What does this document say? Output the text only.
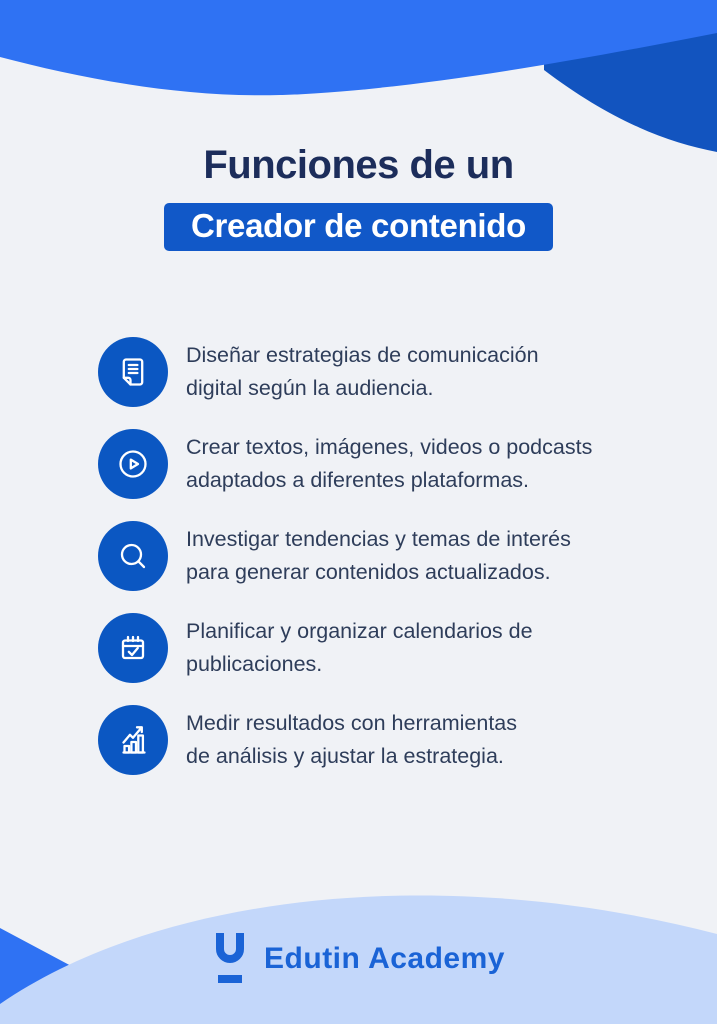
Funciones de un
Creador de contenido
Diseñar estrategias de comunicación
digital según la audiencia.
Crear textos, imágenes, videos o podcasts
adaptados a diferentes plataformas.
Investigar tendencias y temas de interés
para generar contenidos actualizados.
Planificar y organizar calendarios de
publicaciones.
Medir resultados con herramientas
de análisis y ajustar la estrategia.
Edutin Academy
